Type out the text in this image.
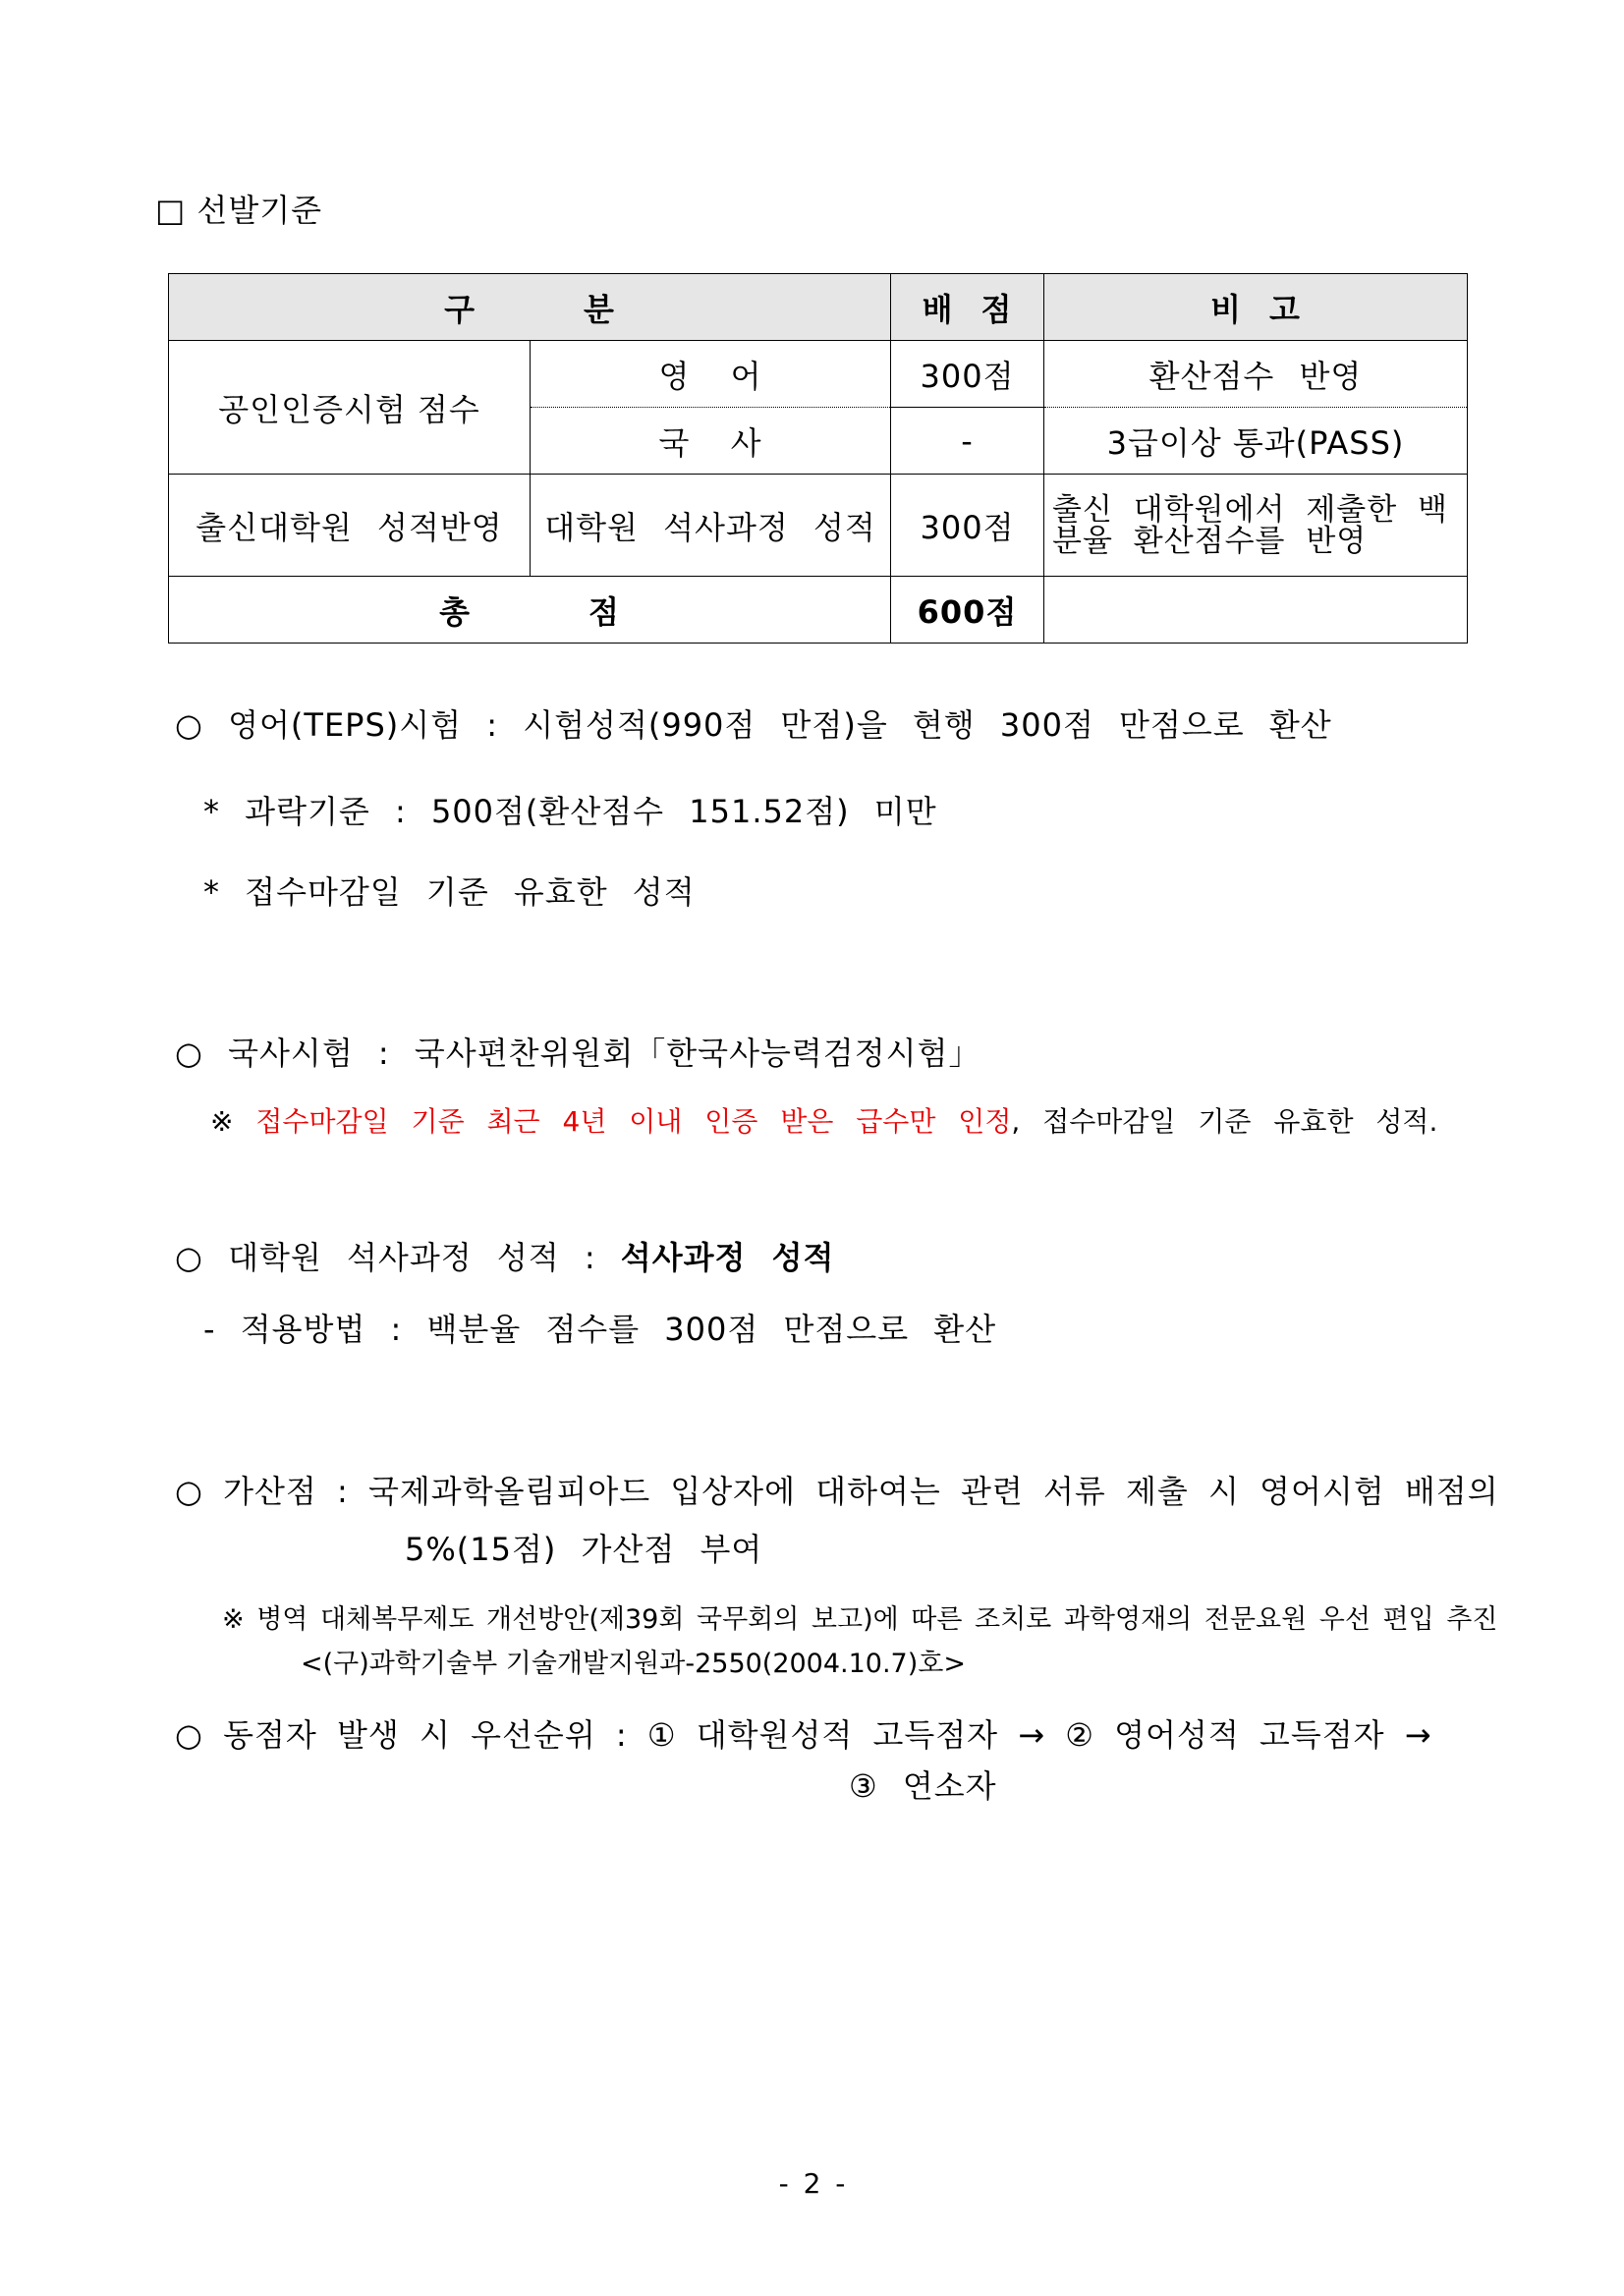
□ 선발기준
구 분		배 점	비 고
공인인증시험 점수	영 어	300점	환산점수 반영
	국 사	-	3급이상 통과(PASS)
출신대학원 성적반영	대학원 석사과정 성적	300점	출신 대학원에서 제출한 백분율 환산점수를 반영
총 점		600점	
○ 영어(TEPS)시험 : 시험성적(990점 만점)을 현행 300점 만점으로 환산
* 과락기준 : 500점(환산점수 151.52점) 미만
* 접수마감일 기준 유효한 성적
○ 국사시험 : 국사편찬위원회「한국사능력검정시험」
※ 접수마감일 기준 최근 4년 이내 인증 받은 급수만 인정, 접수마감일 기준 유효한 성적.
○ 대학원 석사과정 성적 : 석사과정 성적
- 적용방법 : 백분율 점수를 300점 만점으로 환산
○ 가산점 : 국제과학올림피아드 입상자에 대하여는 관련 서류 제출 시 영어시험 배점의
5%(15점) 가산점 부여
※ 병역 대체복무제도 개선방안(제39회 국무회의 보고)에 따른 조치로 과학영재의 전문요원 우선 편입 추진
<(구)과학기술부 기술개발지원과-2550(2004.10.7)호>
○ 동점자 발생 시 우선순위 : ① 대학원성적 고득점자 → ② 영어성적 고득점자 →
③ 연소자
- 2 -
